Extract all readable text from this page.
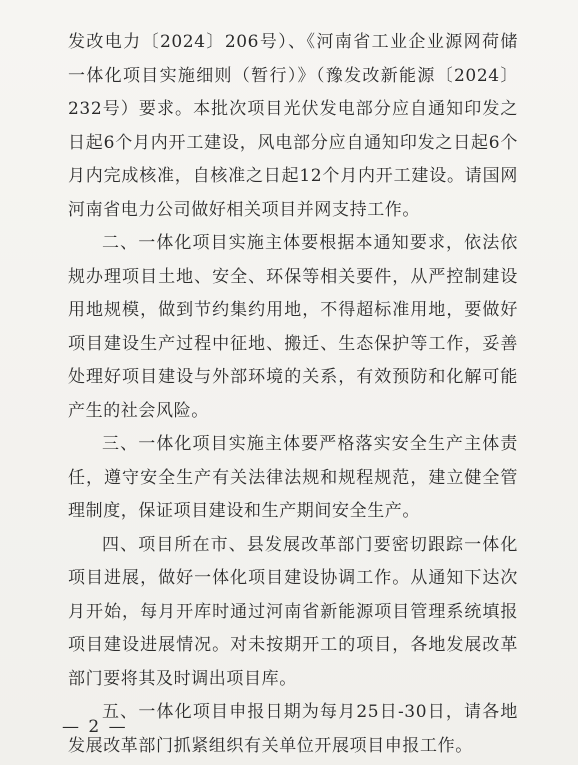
发改电力〔2024〕206号）、《河南省工业企业源网荷储一体化项目实施细则（暂行）》（豫发改新能源〔2024〕232号）要求。本批次项目光伏发电部分应自通知印发之日起6个月内开工建设，风电部分应自通知印发之日起6个月内完成核准，自核准之日起12个月内开工建设。请国网河南省电力公司做好相关项目并网支持工作。

二、一体化项目实施主体要根据本通知要求，依法依规办理项目土地、安全、环保等相关要件，从严控制建设用地规模，做到节约集约用地，不得超标准用地，要做好项目建设生产过程中征地、搬迁、生态保护等工作，妥善处理好项目建设与外部环境的关系，有效预防和化解可能产生的社会风险。

三、一体化项目实施主体要严格落实安全生产主体责任，遵守安全生产有关法律法规和规程规范，建立健全管理制度，保证项目建设和生产期间安全生产。

四、项目所在市、县发展改革部门要密切跟踪一体化项目进展，做好一体化项目建设协调工作。从通知下达次月开始，每月开库时通过河南省新能源项目管理系统填报项目建设进展情况。对未按期开工的项目，各地发展改革部门要将其及时调出项目库。

五、一体化项目申报日期为每月25日-30日，请各地发展改革部门抓紧组织有关单位开展项目申报工作。

— 2 —
